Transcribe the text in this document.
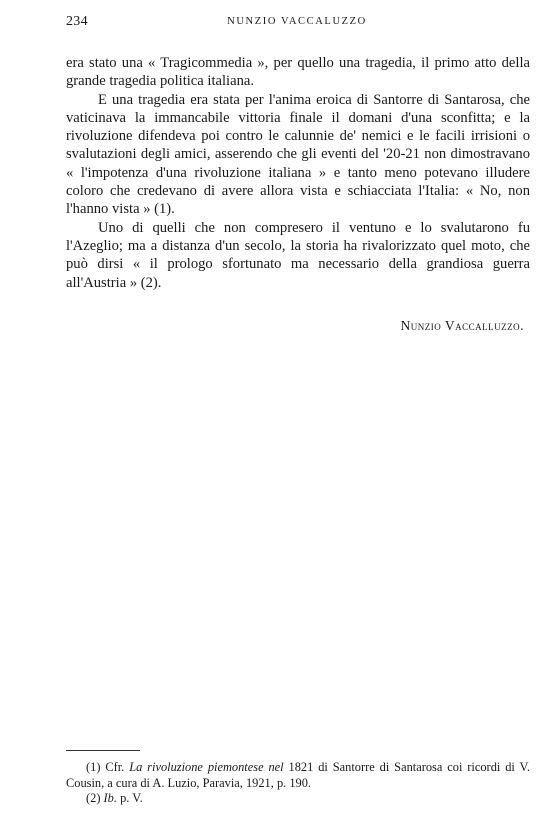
234	NUNZIO VACCALUZZO

era stato una « Tragicommedia », per quello una tragedia, il primo atto della grande tragedia politica italiana.

E una tragedia era stata per l'anima eroica di Santorre di Santarosa, che vaticinava la immancabile vittoria finale il domani d'una sconfitta; e la rivoluzione difendeva poi contro le calunnie de' nemici e le facili irrisioni o svalutazioni degli amici, asserendo che gli eventi del '20-21 non dimostravano « l'impotenza d'una rivoluzione italiana » e tanto meno potevano illudere coloro che credevano di avere allora vista e schiacciata l'Italia: « No, non l'hanno vista » (1).

Uno di quelli che non compresero il ventuno e lo svalutarono fu l'Azeglio; ma a distanza d'un secolo, la storia ha rivalorizzato quel moto, che può dirsi « il prologo sfortunato ma necessario della grandiosa guerra all'Austria » (2).

Nunzio Vaccalluzzo.

(1) Cfr. La rivoluzione piemontese nel 1821 di Santorre di Santarosa coi ricordi di V. Cousin, a cura di A. Luzio, Paravia, 1921, p. 190.

(2) Ib. p. V.
